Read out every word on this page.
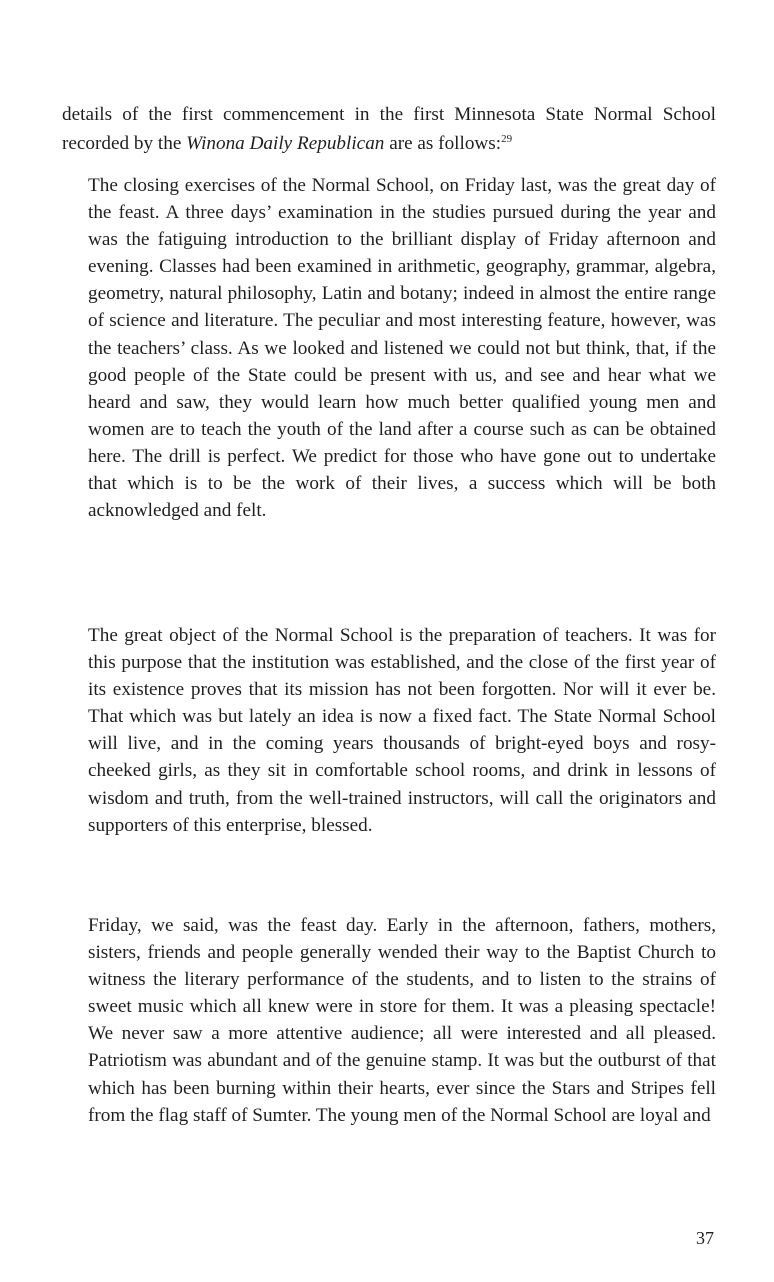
details of the first commencement in the first Minnesota State Normal School recorded by the Winona Daily Republican are as follows:$^{29}$

The closing exercises of the Normal School, on Friday last, was the great day of the feast. A three days’ examination in the studies pursued during the year and was the fatiguing introduction to the brilliant display of Friday afternoon and evening. Classes had been examined in arithmetic, geography, grammar, algebra, geometry, natural philosophy, Latin and botany; indeed in almost the entire range of science and literature. The peculiar and most interesting feature, however, was the teachers’ class. As we looked and listened we could not but think, that, if the good people of the State could be present with us, and see and hear what we heard and saw, they would learn how much better qualified young men and women are to teach the youth of the land after a course such as can be obtained here. The drill is perfect. We predict for those who have gone out to undertake that which is to be the work of their lives, a success which will be both acknowledged and felt.

The great object of the Normal School is the preparation of teachers. It was for this purpose that the institution was established, and the close of the first year of its existence proves that its mission has not been forgotten. Nor will it ever be. That which was but lately an idea is now a fixed fact. The State Normal School will live, and in the coming years thousands of bright-eyed boys and rosy-cheeked girls, as they sit in comfortable school rooms, and drink in lessons of wisdom and truth, from the well-trained instructors, will call the originators and supporters of this enterprise, blessed.

Friday, we said, was the feast day. Early in the afternoon, fathers, mothers, sisters, friends and people generally wended their way to the Baptist Church to witness the literary performance of the students, and to listen to the strains of sweet music which all knew were in store for them. It was a pleasing spectacle! We never saw a more attentive audience; all were interested and all pleased. Patriotism was abundant and of the genuine stamp. It was but the outburst of that which has been burning within their hearts, ever since the Stars and Stripes fell from the flag staff of Sumter. The young men of the Normal School are loyal and

37
